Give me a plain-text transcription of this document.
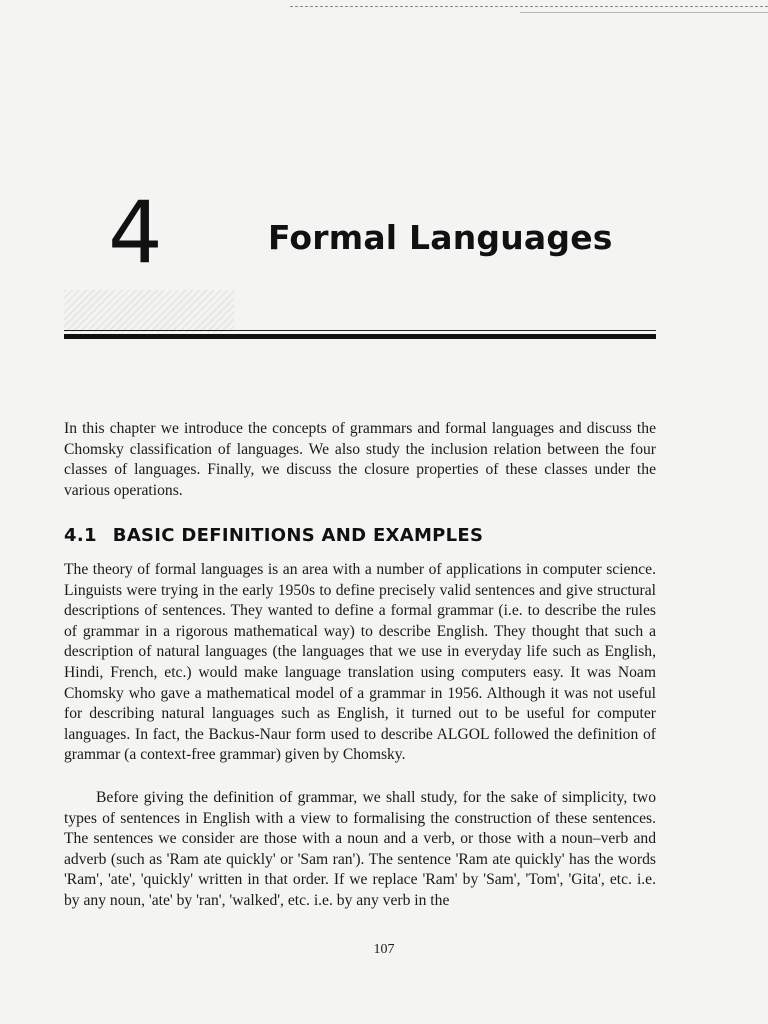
4	Formal Languages

In this chapter we introduce the concepts of grammars and formal languages and discuss the Chomsky classification of languages. We also study the inclusion relation between the four classes of languages. Finally, we discuss the closure properties of these classes under the various operations.

4.1 BASIC DEFINITIONS AND EXAMPLES

The theory of formal languages is an area with a number of applications in computer science. Linguists were trying in the early 1950s to define precisely valid sentences and give structural descriptions of sentences. They wanted to define a formal grammar (i.e. to describe the rules of grammar in a rigorous mathematical way) to describe English. They thought that such a description of natural languages (the languages that we use in everyday life such as English, Hindi, French, etc.) would make language translation using computers easy. It was Noam Chomsky who gave a mathematical model of a grammar in 1956. Although it was not useful for describing natural languages such as English, it turned out to be useful for computer languages. In fact, the Backus-Naur form used to describe ALGOL followed the definition of grammar (a context-free grammar) given by Chomsky.

Before giving the definition of grammar, we shall study, for the sake of simplicity, two types of sentences in English with a view to formalising the construction of these sentences. The sentences we consider are those with a noun and a verb, or those with a noun–verb and adverb (such as 'Ram ate quickly' or 'Sam ran'). The sentence 'Ram ate quickly' has the words 'Ram', 'ate', 'quickly' written in that order. If we replace 'Ram' by 'Sam', 'Tom', 'Gita', etc. i.e. by any noun, 'ate' by 'ran', 'walked', etc. i.e. by any verb in the

107
